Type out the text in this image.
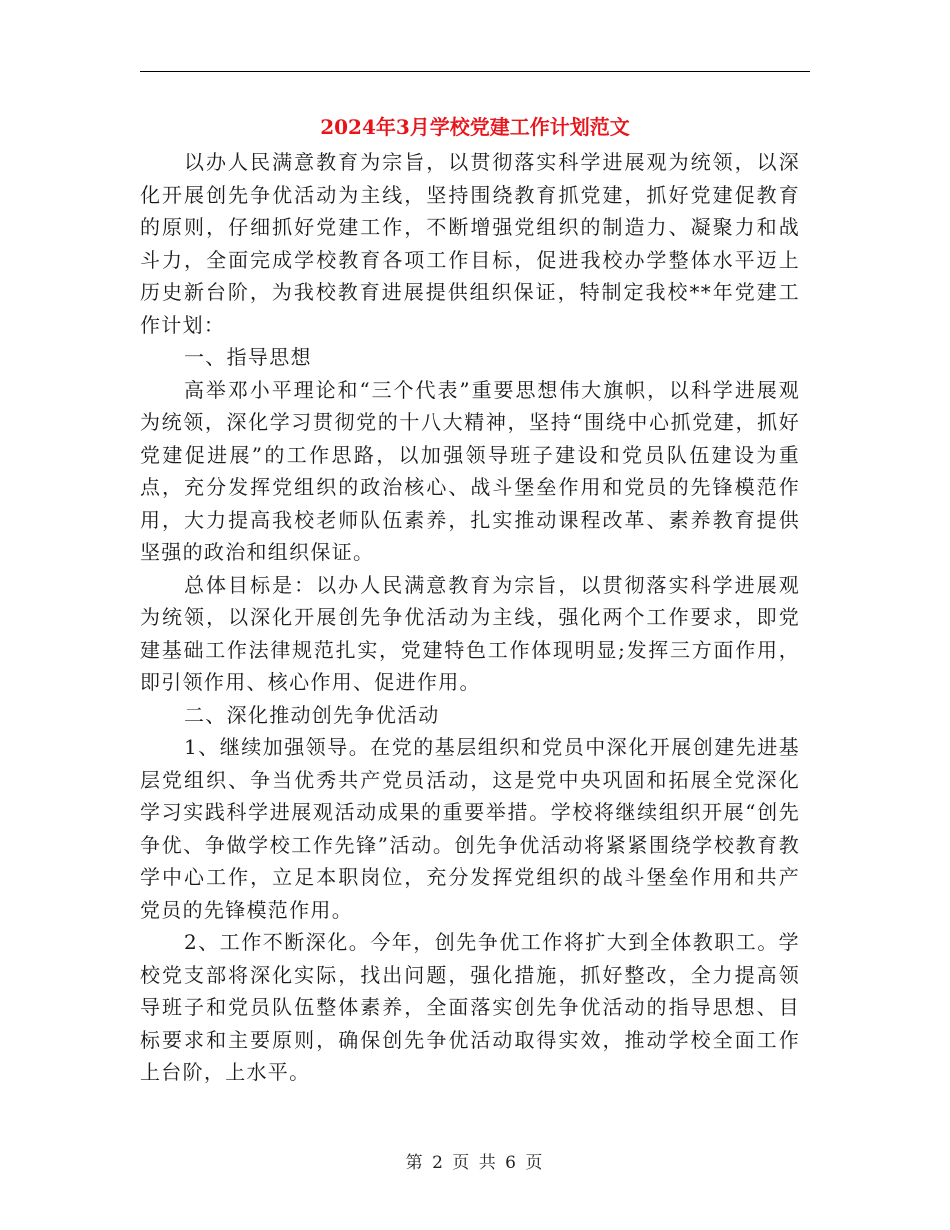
2024年3月学校党建工作计划范文

以办人民满意教育为宗旨，以贯彻落实科学进展观为统领，以深化开展创先争优活动为主线，坚持围绕教育抓党建，抓好党建促教育的原则，仔细抓好党建工作，不断增强党组织的制造力、凝聚力和战斗力，全面完成学校教育各项工作目标，促进我校办学整体水平迈上历史新台阶，为我校教育进展提供组织保证，特制定我校**年党建工作计划：

一、指导思想

高举邓小平理论和“三个代表”重要思想伟大旗帜，以科学进展观为统领，深化学习贯彻党的十八大精神，坚持“围绕中心抓党建，抓好党建促进展”的工作思路，以加强领导班子建设和党员队伍建设为重点，充分发挥党组织的政治核心、战斗堡垒作用和党员的先锋模范作用，大力提高我校老师队伍素养，扎实推动课程改革、素养教育提供坚强的政治和组织保证。

总体目标是：以办人民满意教育为宗旨，以贯彻落实科学进展观为统领，以深化开展创先争优活动为主线，强化两个工作要求，即党建基础工作法律规范扎实，党建特色工作体现明显;发挥三方面作用，即引领作用、核心作用、促进作用。

二、深化推动创先争优活动

1、继续加强领导。在党的基层组织和党员中深化开展创建先进基层党组织、争当优秀共产党员活动，这是党中央巩固和拓展全党深化学习实践科学进展观活动成果的重要举措。学校将继续组织开展“创先争优、争做学校工作先锋”活动。创先争优活动将紧紧围绕学校教育教学中心工作，立足本职岗位，充分发挥党组织的战斗堡垒作用和共产党员的先锋模范作用。

2、工作不断深化。今年，创先争优工作将扩大到全体教职工。学校党支部将深化实际，找出问题，强化措施，抓好整改，全力提高领导班子和党员队伍整体素养，全面落实创先争优活动的指导思想、目标要求和主要原则，确保创先争优活动取得实效，推动学校全面工作上台阶，上水平。

第 2 页 共 6 页
